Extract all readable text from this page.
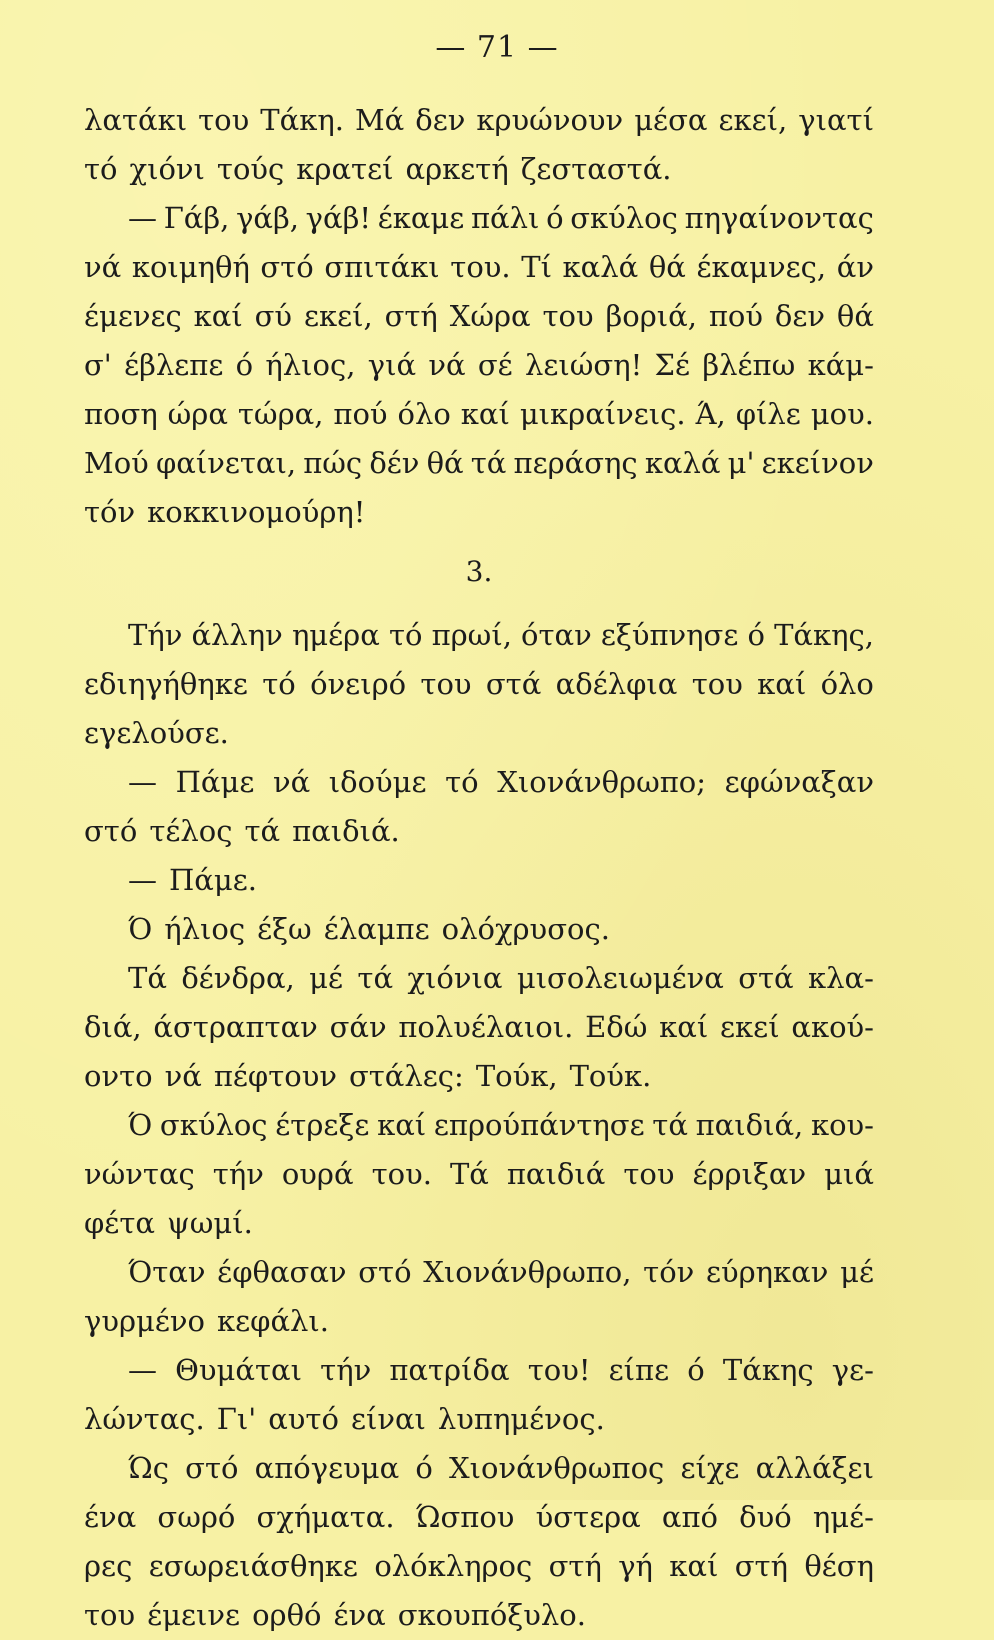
— 71 —
λατάκι του Τάκη. Μά δεν κρυώνουν μέσα εκεί, γιατί
τό χιόνι τούς κρατεί αρκετή ζεσταστά.
— Γάβ, γάβ, γάβ! έκαμε πάλι ό σκύλος πηγαίνοντας
νά κοιμηθή στό σπιτάκι του. Τί καλά θά έκαμνες, άν
έμενες καί σύ εκεί, στή Χώρα του βοριά, πού δεν θά
σ' έβλεπε ό ήλιος, γιά νά σέ λειώση! Σέ βλέπω κάμ-
ποση ώρα τώρα, πού όλο καί μικραίνεις. Ά, φίλε μου.
Μού φαίνεται, πώς δέν θά τά περάσης καλά μ' εκείνον
τόν κοκκινομούρη!
3.
Τήν άλλην ημέρα τό πρωί, όταν εξύπνησε ό Τάκης,
εδιηγήθηκε τό όνειρό του στά αδέλφια του καί όλο
εγελούσε.
— Πάμε νά ιδούμε τό Χιονάνθρωπο; εφώναξαν
στό τέλος τά παιδιά.
— Πάμε.
Ό ήλιος έξω έλαμπε ολόχρυσος.
Τά δένδρα, μέ τά χιόνια μισολειωμένα στά κλα-
διά, άστραπταν σάν πολυέλαιοι. Εδώ καί εκεί ακού-
οντο νά πέφτουν στάλες: Τούκ, Τούκ.
Ό σκύλος έτρεξε καί επρούπάντησε τά παιδιά, κου-
νώντας τήν ουρά του. Τά παιδιά του έρριξαν μιά
φέτα ψωμί.
Όταν έφθασαν στό Χιονάνθρωπο, τόν εύρηκαν μέ
γυρμένο κεφάλι.
— Θυμάται τήν πατρίδα του! είπε ό Τάκης γε-
λώντας. Γι' αυτό είναι λυπημένος.
Ώς στό απόγευμα ό Χιονάνθρωπος είχε αλλάξει
ένα σωρό σχήματα. Ώσπου ύστερα από δυό ημέ-
ρες εσωρειάσθηκε ολόκληρος στή γή καί στή θέση
του έμεινε ορθό ένα σκουπόξυλο.
